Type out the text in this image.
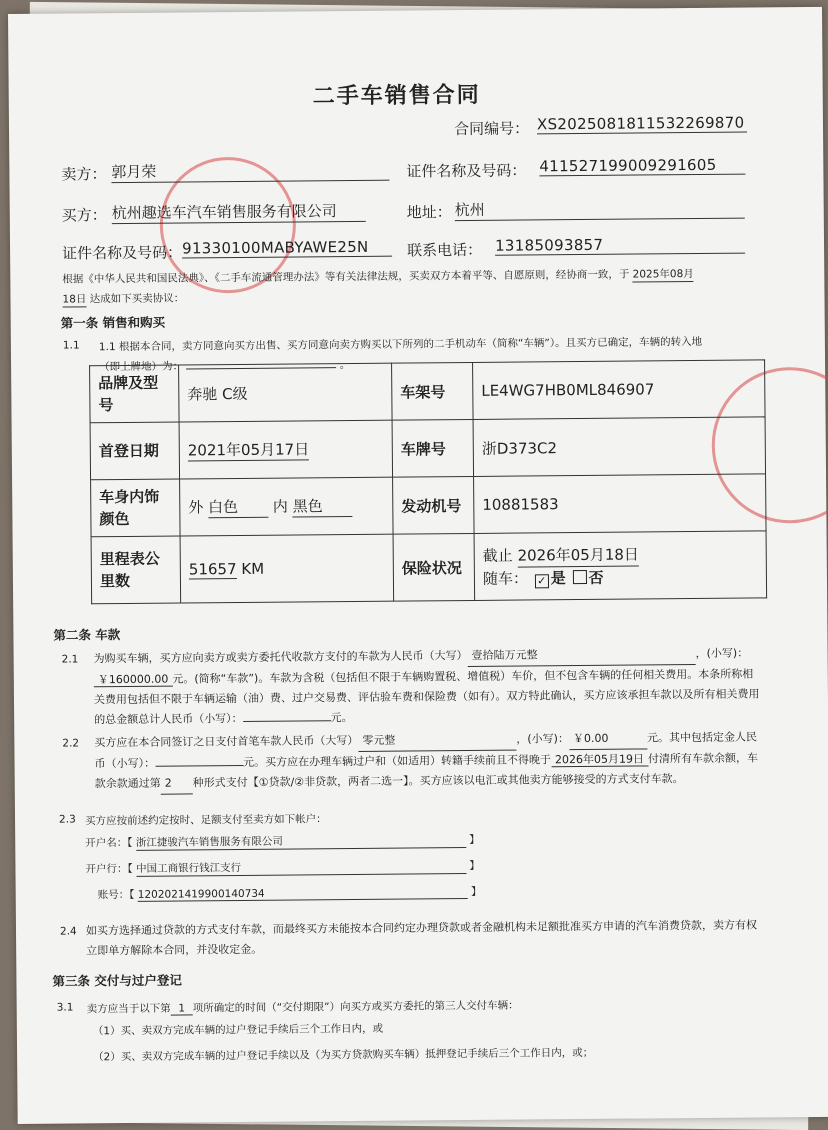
二手车销售合同
合同编号： XS2025081811532269870
卖方： 郭月荣	证件名称及号码： 411527199009291605
买方： 杭州趣选车汽车销售服务有限公司	地址： 杭州
证件名称及号码： 91330100MABYAWE25N	联系电话： 13185093857
根据《中华人民共和国民法典》、《二手车流通管理办法》等有关法律法规，买卖双方本着平等、自愿原则，经协商一致，于 2025年08月
18日 达成如下买卖协议：
第一条 销售和购买
1.1 1.1 根据本合同，卖方同意向买方出售、买方同意向卖方购买以下所列的二手机动车（简称“车辆”）。且买方已确定，车辆的转入地
（即上牌地）为：	。
品牌及型号	奔驰 C级	车架号	LE4WG7HB0ML846907
首登日期	2021年05月17日	车牌号	浙D373C2
车身内饰颜色	外 白色 内 黑色	发动机号	10881583
里程表公里数	51657 KM	保险状况	截止 2026年05月18日
随车： ✓ 是 否
第二条 车款
2.1 为购买车辆，买方应向卖方或卖方委托代收款方支付的车款为人民币（大写） 壹拾陆万元整	，(小写)：
￥160000.00 元。(简称“车款”)。车款为含税（包括但不限于车辆购置税、增值税）车价，但不包含车辆的任何相关费用。本条所称相关费用包括但不限于车辆运输（油）费、过户交易费、评估验车费和保险费（如有）。双方特此确认，买方应该承担车款以及所有相关费用的总金额总计人民币（小写）：	元。
2.2 买方应在本合同签订之日支付首笔车款人民币（大写） 零元整	，(小写)： ￥0.00	元。其中包括定金人民币（小写）：	元。买方应在办理车辆过户和（如适用）转籍手续前且不得晚于 2026年05月19日 付清所有车款余额，车款余款通过第 2 种形式支付【①贷款/②非贷款，两者二选一】。买方应该以电汇或其他卖方能够接受的方式支付车款。
2.3 买方应按前述约定按时、足额支付至卖方如下帐户：
开户名：【 浙江捷骏汽车销售服务有限公司	】
开户行：【 中国工商银行钱江支行	】
账号：【 1202021419900140734	】
2.4 如买方选择通过贷款的方式支付车款，而最终买方未能按本合同约定办理贷款或者金融机构未足额批准买方申请的汽车消费贷款，卖方有权立即单方解除本合同，并没收定金。
第三条 交付与过户登记
3.1 卖方应当于以下第 1 项所确定的时间（“交付期限”）向买方或买方委托的第三人交付车辆：
（1）买、卖双方完成车辆的过户登记手续后三个工作日内，或
（2）买、卖双方完成车辆的过户登记手续以及（为买方贷款购买车辆）抵押登记手续后三个工作日内，或；
